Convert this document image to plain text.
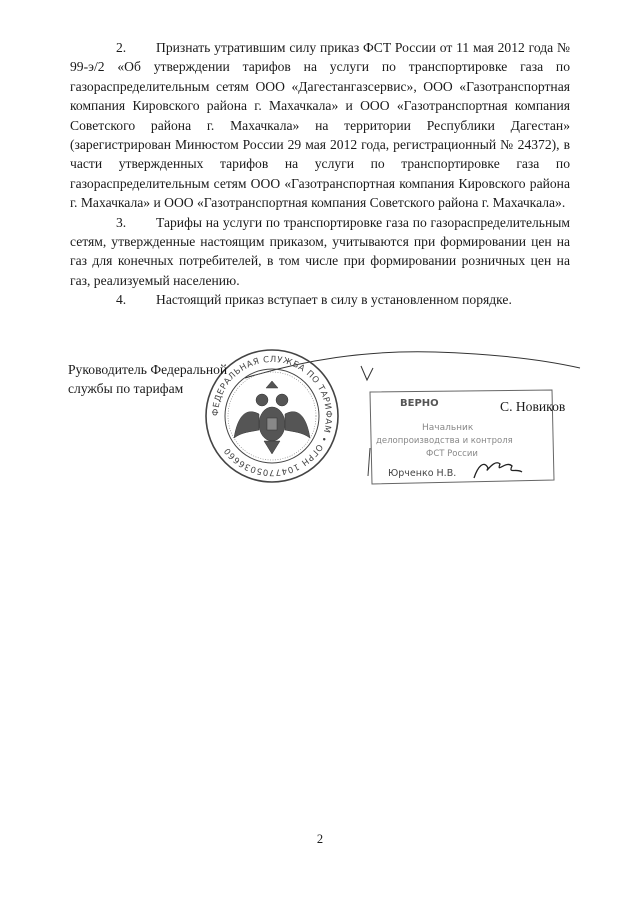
2. Признать утратившим силу приказ ФСТ России от 11 мая 2012 года № 99-э/2 «Об утверждении тарифов на услуги по транспортировке газа по газораспределительным сетям ООО «Дагестангазсервис», ООО «Газотранспортная компания Кировского района г. Махачкала» и ООО «Газотранспортная компания Советского района г. Махачкала» на территории Республики Дагестан» (зарегистрирован Минюстом России 29 мая 2012 года, регистрационный № 24372), в части утвержденных тарифов на услуги по транспортировке газа по газораспределительным сетям ООО «Газотранспортная компания Кировского района г. Махачкала» и ООО «Газотранспортная компания Советского района г. Махачкала».

3. Тарифы на услуги по транспортировке газа по газораспределительным сетям, утвержденные настоящим приказом, учитываются при формировании цен на газ для конечных потребителей, в том числе при формировании розничных цен на газ, реализуемый населению.

4. Настоящий приказ вступает в силу в установленном порядке.

ФЕДЕРАЛЬНАЯ СЛУЖБА ПО ТАРИФАМ • ОГРН 1047705036660
ВЕРНО
Начальник
делопроизводства и контроля
ФСТ России
Юрченко Н.В.
Руководитель Федеральной
службы по тарифам
С. Новиков
2
